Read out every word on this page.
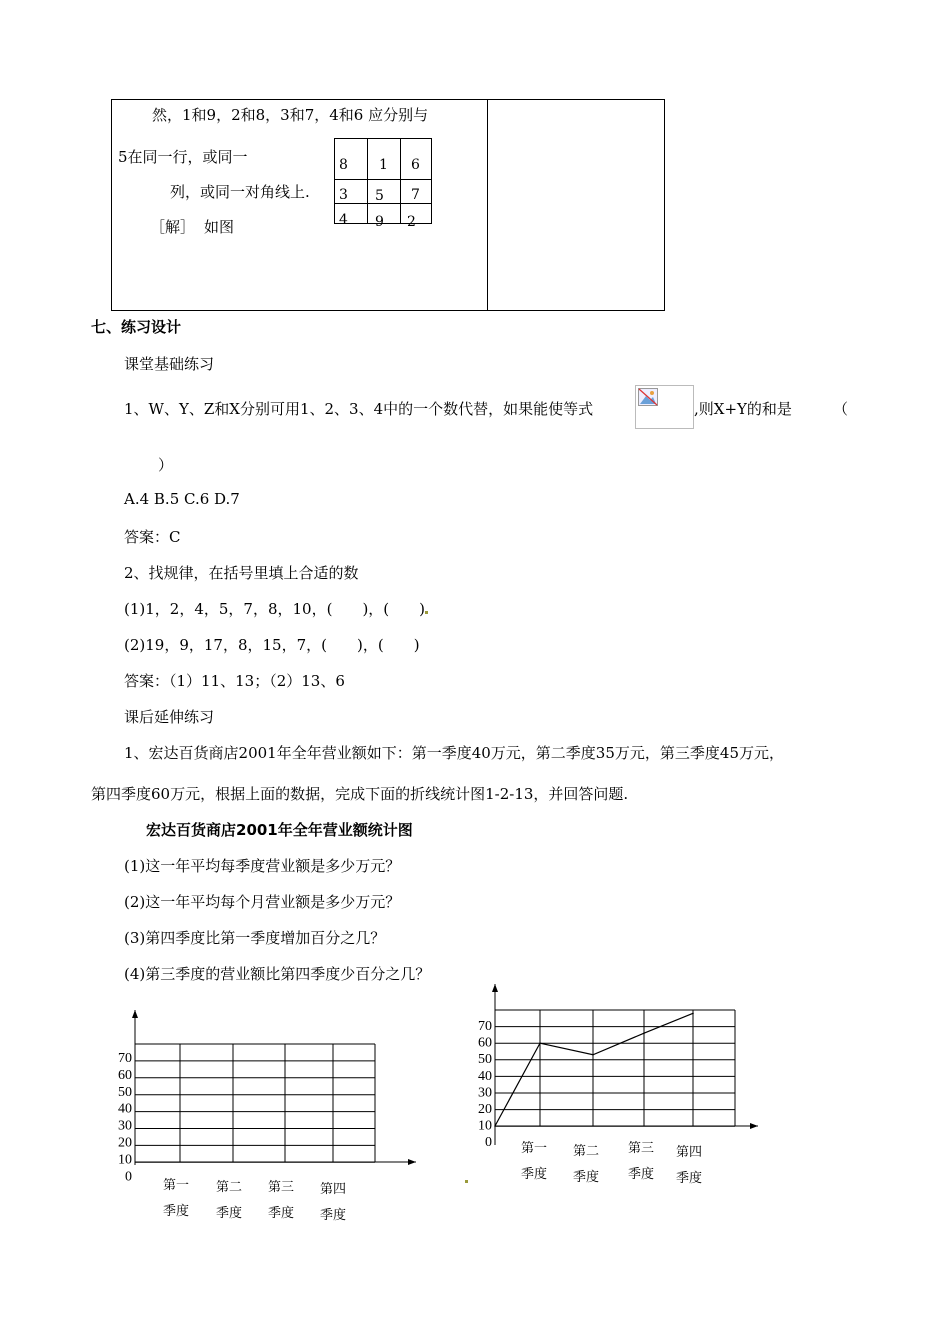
然，1和9，2和8，3和7，4和6 应分别与
5在同一行，或同一
列，或同一对角线上.
［解］ 如图
8 1 6
3 5 7
4 9 2
七、练习设计
课堂基础练习
1、W、Y、Z和X分别可用1、2、3、4中的一个数代替，如果能使等式	,则X+Y的和是	（
）
A.4 B.5 C.6 D.7
答案：C
2、找规律，在括号里填上合适的数
(1)1，2，4，5，7，8，10，(　　)，(　　)
(2)19，9，17，8，15，7，(　　)，(　　)
答案：（1）11、13；（2）13、6
课后延伸练习
1、宏达百货商店2001年全年营业额如下：第一季度40万元，第二季度35万元，第三季度45万元，
第四季度60万元，根据上面的数据，完成下面的折线统计图1-2-13，并回答问题.
宏达百货商店2001年全年营业额统计图
(1)这一年平均每季度营业额是多少万元？
(2)这一年平均每个月营业额是多少万元？
(3)第四季度比第一季度增加百分之几？
(4)第三季度的营业额比第四季度少百分之几？
70
60
50
40
30
20
10
0
第一
季度
第二
季度
第三
季度
第四
季度
70
60
50
40
30
20
10
0 第一
季度
第二
季度
第三
季度
第四
季度
